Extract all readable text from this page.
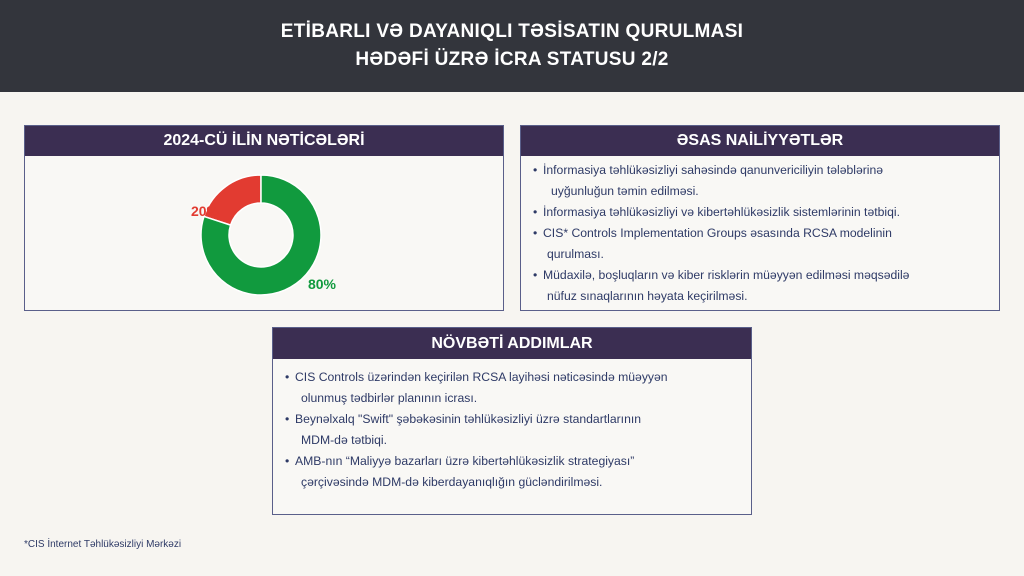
ETİBARLI VƏ DAYANIQLI TƏSİSATIN QURULMASI
HƏDƏFİ ÜZRƏ İCRA STATUSU 2/2
2024-CÜ İLİN NƏTİCƏLƏRİ
20%
80%
ƏSAS NAİLİYYƏTLƏR
• İnformasiya təhlükəsizliyi sahəsində qanunvericiliyin tələblərinə
uyğunluğun təmin edilməsi.
• İnformasiya təhlükəsizliyi və kibertəhlükəsizlik sistemlərinin tətbiqi.
• CIS* Controls Implementation Groups əsasında RCSA modelinin
qurulması.
• Müdaxilə, boşluqların və kiber risklərin müəyyən edilməsi məqsədilə
nüfuz sınaqlarının həyata keçirilməsi.
NÖVBƏTİ ADDIMLAR
• CIS Controls üzərindən keçirilən RCSA layihəsi nəticəsində müəyyən
olunmuş tədbirlər planının icrası.
• Beynəlxalq "Swift" şəbəkəsinin təhlükəsizliyi üzrə standartlarının
MDM-də tətbiqi.
• AMB-nın “Maliyyə bazarları üzrə kibertəhlükəsizlik strategiyası”
çərçivəsində MDM-də kiberdayanıqlığın gücləndirilməsi.
*CIS İnternet Təhlükəsizliyi Mərkəzi
